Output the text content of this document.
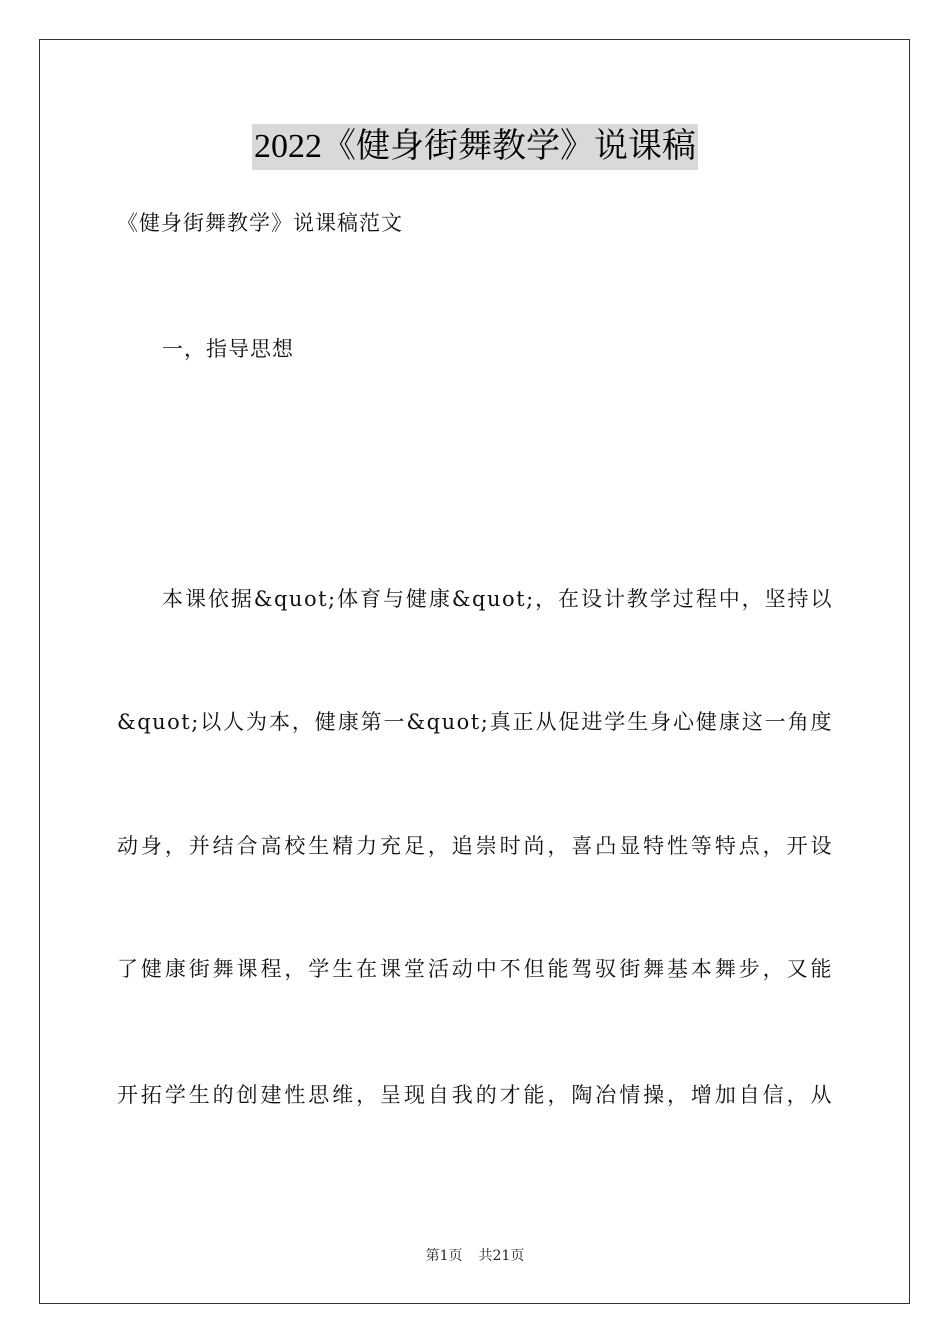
2022《健身街舞教学》说课稿
《健身街舞教学》说课稿范文
一，指导思想
本课依据&quot;体育与健康&quot;，在设计教学过程中，坚持以
&quot;以人为本，健康第一&quot;真正从促进学生身心健康这一角度
动身，并结合高校生精力充足，追崇时尚，喜凸显特性等特点，开设
了健康街舞课程，学生在课堂活动中不但能驾驭街舞基本舞步，又能
开拓学生的创建性思维，呈现自我的才能，陶冶情操，增加自信，从
第1页 共21页
